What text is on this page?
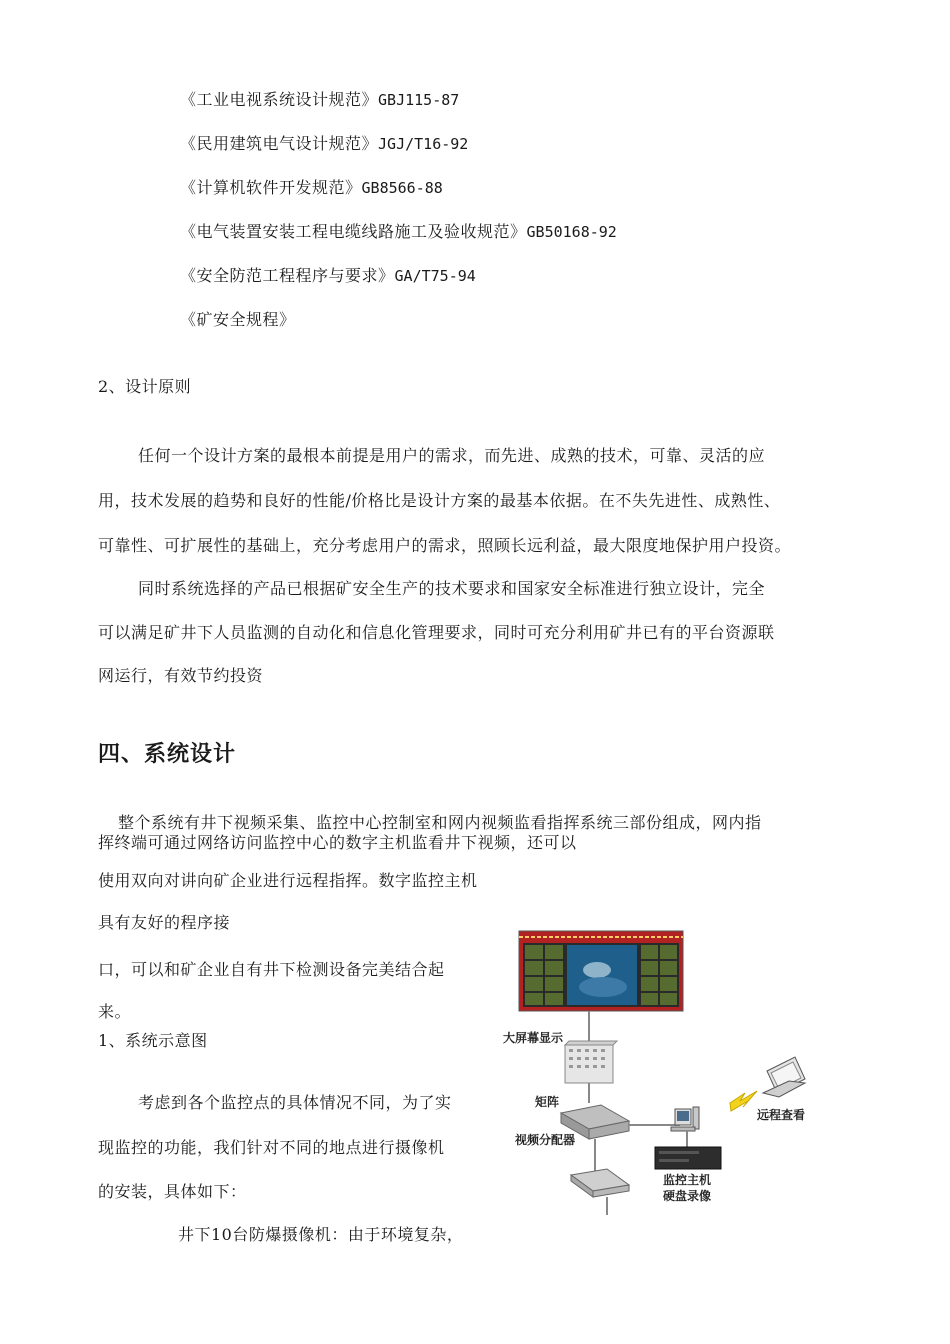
《工业电视系统设计规范》GBJ115-87
《民用建筑电气设计规范》JGJ/T16-92
《计算机软件开发规范》GB8566-88
《电气装置安装工程电缆线路施工及验收规范》GB50168-92
《安全防范工程程序与要求》GA/T75-94
《矿安全规程》
2、设计原则
任何一个设计方案的最根本前提是用户的需求，而先进、成熟的技术，可靠、灵活的应
用，技术发展的趋势和良好的性能/价格比是设计方案的最基本依据。在不失先进性、成熟性、
可靠性、可扩展性的基础上，充分考虑用户的需求，照顾长远利益，最大限度地保护用户投资。
同时系统选择的产品已根据矿安全生产的技术要求和国家安全标准进行独立设计，完全
可以满足矿井下人员监测的自动化和信息化管理要求，同时可充分利用矿井已有的平台资源联
网运行，有效节约投资
四、系统设计
整个系统有井下视频采集、监控中心控制室和网内视频监看指挥系统三部份组成，网内指
挥终端可通过网络访问监控中心的数字主机监看井下视频，还可以
使用双向对讲向矿企业进行远程指挥。数字监控主机
具有友好的程序接
口，可以和矿企业自有井下检测设备完美结合起
来。
1、系统示意图
考虑到各个监控点的具体情况不同，为了实
现监控的功能，我们针对不同的地点进行摄像机
的安装，具体如下：
井下10台防爆摄像机：由于环境复杂，
大屏幕显示
矩阵
视频分配器
远程查看
监控主机
硬盘录像
